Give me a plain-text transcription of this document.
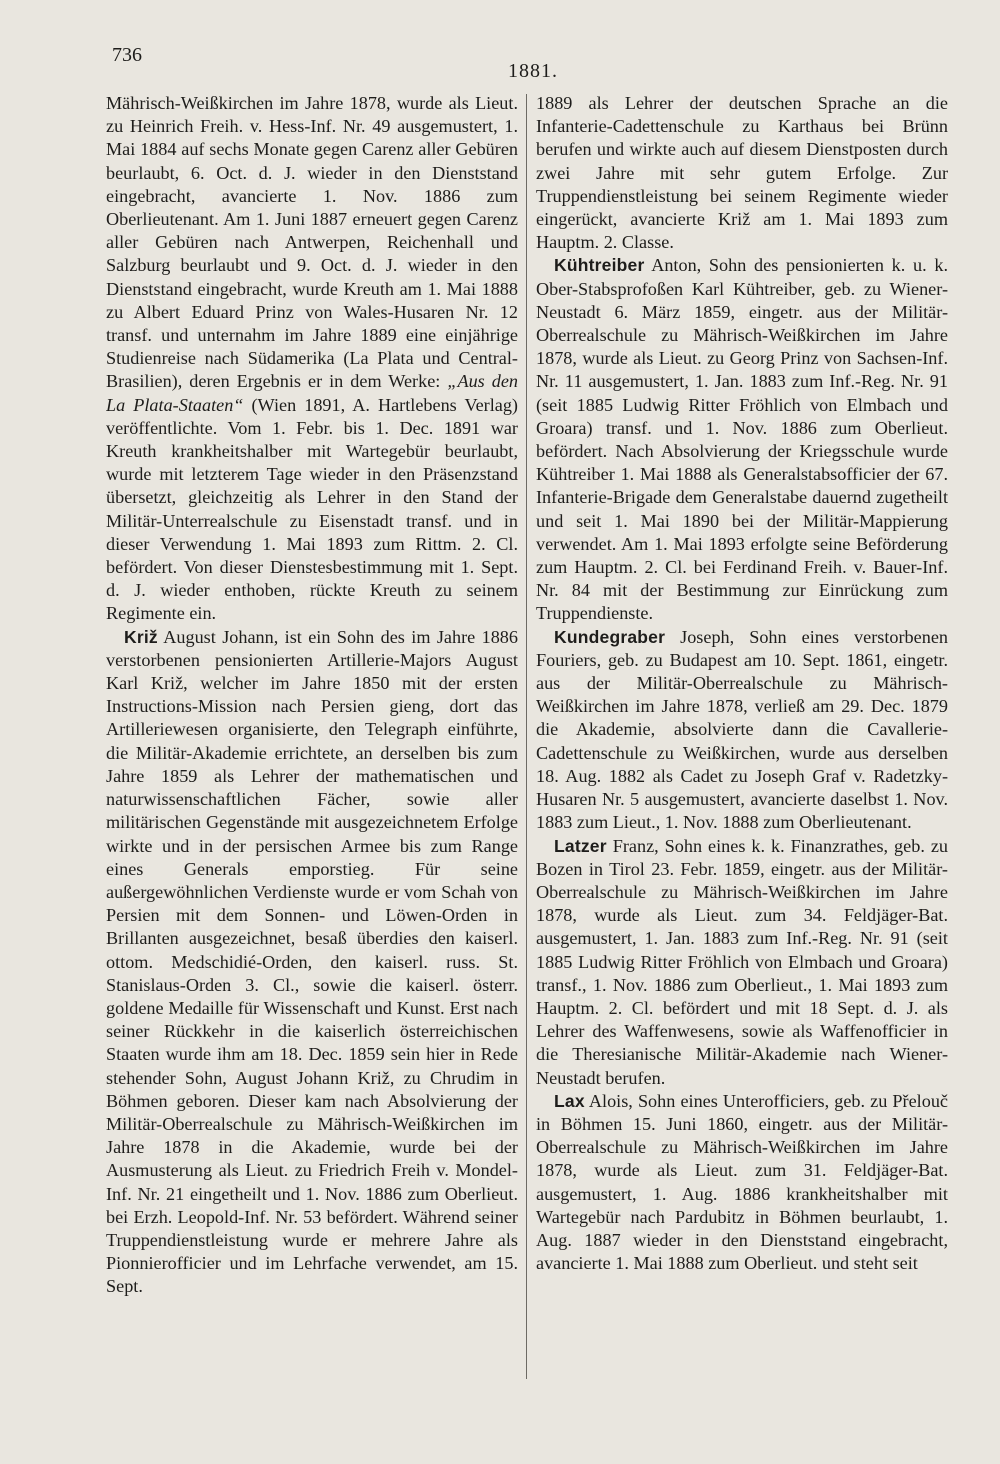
736
1881.

Mährisch-Weißkirchen im Jahre 1878, wurde als Lieut. zu Heinrich Freih. v. Hess-Inf. Nr. 49 ausgemustert, 1. Mai 1884 auf sechs Monate gegen Carenz aller Gebüren beurlaubt, 6. Oct. d. J. wieder in den Dienststand eingebracht, avancierte 1. Nov. 1886 zum Oberlieutenant. Am 1. Juni 1887 erneuert gegen Carenz aller Gebüren nach Antwerpen, Reichenhall und Salzburg beurlaubt und 9. Oct. d. J. wieder in den Dienststand eingebracht, wurde Kreuth am 1. Mai 1888 zu Albert Eduard Prinz von Wales-Husaren Nr. 12 transf. und unternahm im Jahre 1889 eine einjährige Studienreise nach Südamerika (La Plata und Central-Brasilien), deren Ergebnis er in dem Werke: „Aus den La Plata-Staaten“ (Wien 1891, A. Hartlebens Verlag) veröffentlichte. Vom 1. Febr. bis 1. Dec. 1891 war Kreuth krankheitshalber mit Wartegebür beurlaubt, wurde mit letzterem Tage wieder in den Präsenzstand übersetzt, gleichzeitig als Lehrer in den Stand der Militär-Unterrealschule zu Eisenstadt transf. und in dieser Verwendung 1. Mai 1893 zum Rittm. 2. Cl. befördert. Von dieser Dienstesbestimmung mit 1. Sept. d. J. wieder enthoben, rückte Kreuth zu seinem Regimente ein.

Križ August Johann, ist ein Sohn des im Jahre 1886 verstorbenen pensionierten Artillerie-Majors August Karl Križ, welcher im Jahre 1850 mit der ersten Instructions-Mission nach Persien gieng, dort das Artilleriewesen organisierte, den Telegraph einführte, die Militär-Akademie errichtete, an derselben bis zum Jahre 1859 als Lehrer der mathematischen und naturwissenschaftlichen Fächer, sowie aller militärischen Gegenstände mit ausgezeichnetem Erfolge wirkte und in der persischen Armee bis zum Range eines Generals emporstieg. Für seine außergewöhnlichen Verdienste wurde er vom Schah von Persien mit dem Sonnen- und Löwen-Orden in Brillanten ausgezeichnet, besaß überdies den kaiserl. ottom. Medschidié-Orden, den kaiserl. russ. St. Stanislaus-Orden 3. Cl., sowie die kaiserl. österr. goldene Medaille für Wissenschaft und Kunst. Erst nach seiner Rückkehr in die kaiserlich österreichischen Staaten wurde ihm am 18. Dec. 1859 sein hier in Rede stehender Sohn, August Johann Križ, zu Chrudim in Böhmen geboren. Dieser kam nach Absolvierung der Militär-Oberrealschule zu Mährisch-Weißkirchen im Jahre 1878 in die Akademie, wurde bei der Ausmusterung als Lieut. zu Friedrich Freih v. Mondel-Inf. Nr. 21 eingetheilt und 1. Nov. 1886 zum Oberlieut. bei Erzh. Leopold-Inf. Nr. 53 befördert. Während seiner Truppendienstleistung wurde er mehrere Jahre als Pionnierofficier und im Lehrfache verwendet, am 15. Sept.

1889 als Lehrer der deutschen Sprache an die Infanterie-Cadettenschule zu Karthaus bei Brünn berufen und wirkte auch auf diesem Dienstposten durch zwei Jahre mit sehr gutem Erfolge. Zur Truppendienstleistung bei seinem Regimente wieder eingerückt, avancierte Križ am 1. Mai 1893 zum Hauptm. 2. Classe.

Kühtreiber Anton, Sohn des pensionierten k. u. k. Ober-Stabsprofoßen Karl Kühtreiber, geb. zu Wiener-Neustadt 6. März 1859, eingetr. aus der Militär-Oberrealschule zu Mährisch-Weißkirchen im Jahre 1878, wurde als Lieut. zu Georg Prinz von Sachsen-Inf. Nr. 11 ausgemustert, 1. Jan. 1883 zum Inf.-Reg. Nr. 91 (seit 1885 Ludwig Ritter Fröhlich von Elmbach und Groara) transf. und 1. Nov. 1886 zum Oberlieut. befördert. Nach Absolvierung der Kriegsschule wurde Kühtreiber 1. Mai 1888 als Generalstabsofficier der 67. Infanterie-Brigade dem Generalstabe dauernd zugetheilt und seit 1. Mai 1890 bei der Militär-Mappierung verwendet. Am 1. Mai 1893 erfolgte seine Beförderung zum Hauptm. 2. Cl. bei Ferdinand Freih. v. Bauer-Inf. Nr. 84 mit der Bestimmung zur Einrückung zum Truppendienste.

Kundegraber Joseph, Sohn eines verstorbenen Fouriers, geb. zu Budapest am 10. Sept. 1861, eingetr. aus der Militär-Oberrealschule zu Mährisch-Weißkirchen im Jahre 1878, verließ am 29. Dec. 1879 die Akademie, absolvierte dann die Cavallerie-Cadettenschule zu Weißkirchen, wurde aus derselben 18. Aug. 1882 als Cadet zu Joseph Graf v. Radetzky-Husaren Nr. 5 ausgemustert, avancierte daselbst 1. Nov. 1883 zum Lieut., 1. Nov. 1888 zum Oberlieutenant.

Latzer Franz, Sohn eines k. k. Finanzrathes, geb. zu Bozen in Tirol 23. Febr. 1859, eingetr. aus der Militär-Oberrealschule zu Mährisch-Weißkirchen im Jahre 1878, wurde als Lieut. zum 34. Feldjäger-Bat. ausgemustert, 1. Jan. 1883 zum Inf.-Reg. Nr. 91 (seit 1885 Ludwig Ritter Fröhlich von Elmbach und Groara) transf., 1. Nov. 1886 zum Oberlieut., 1. Mai 1893 zum Hauptm. 2. Cl. befördert und mit 18 Sept. d. J. als Lehrer des Waffenwesens, sowie als Waffenofficier in die Theresianische Militär-Akademie nach Wiener-Neustadt berufen.

Lax Alois, Sohn eines Unterofficiers, geb. zu Přelouč in Böhmen 15. Juni 1860, eingetr. aus der Militär-Oberrealschule zu Mährisch-Weißkirchen im Jahre 1878, wurde als Lieut. zum 31. Feldjäger-Bat. ausgemustert, 1. Aug. 1886 krankheitshalber mit Wartegebür nach Pardubitz in Böhmen beurlaubt, 1. Aug. 1887 wieder in den Dienststand eingebracht, avancierte 1. Mai 1888 zum Oberlieut. und steht seit
